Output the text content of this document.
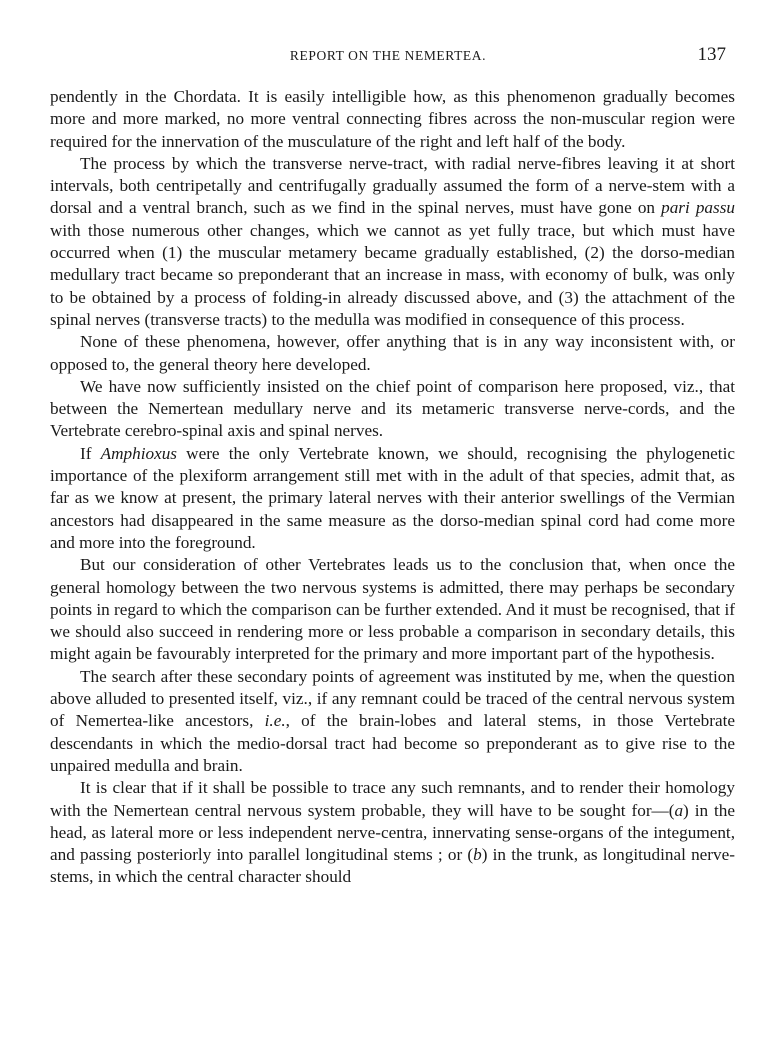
REPORT ON THE NEMERTEA.	137

pendently in the Chordata. It is easily intelligible how, as this phenomenon gradually becomes more and more marked, no more ventral connecting fibres across the non-muscular region were required for the innervation of the musculature of the right and left half of the body.

The process by which the transverse nerve-tract, with radial nerve-fibres leaving it at short intervals, both centripetally and centrifugally gradually assumed the form of a nerve-stem with a dorsal and a ventral branch, such as we find in the spinal nerves, must have gone on pari passu with those numerous other changes, which we cannot as yet fully trace, but which must have occurred when (1) the muscular metamery became gradually established, (2) the dorso-median medullary tract became so preponderant that an increase in mass, with economy of bulk, was only to be obtained by a process of folding-in already discussed above, and (3) the attachment of the spinal nerves (transverse tracts) to the medulla was modified in consequence of this process.

None of these phenomena, however, offer anything that is in any way inconsistent with, or opposed to, the general theory here developed.

We have now sufficiently insisted on the chief point of comparison here proposed, viz., that between the Nemertean medullary nerve and its metameric transverse nerve-cords, and the Vertebrate cerebro-spinal axis and spinal nerves.

If Amphioxus were the only Vertebrate known, we should, recognising the phylogenetic importance of the plexiform arrangement still met with in the adult of that species, admit that, as far as we know at present, the primary lateral nerves with their anterior swellings of the Vermian ancestors had disappeared in the same measure as the dorso-median spinal cord had come more and more into the foreground.

But our consideration of other Vertebrates leads us to the conclusion that, when once the general homology between the two nervous systems is admitted, there may perhaps be secondary points in regard to which the comparison can be further extended. And it must be recognised, that if we should also succeed in rendering more or less probable a comparison in secondary details, this might again be favourably interpreted for the primary and more important part of the hypothesis.

The search after these secondary points of agreement was instituted by me, when the question above alluded to presented itself, viz., if any remnant could be traced of the central nervous system of Nemertea-like ancestors, i.e., of the brain-lobes and lateral stems, in those Vertebrate descendants in which the medio-dorsal tract had become so preponderant as to give rise to the unpaired medulla and brain.

It is clear that if it shall be possible to trace any such remnants, and to render their homology with the Nemertean central nervous system probable, they will have to be sought for—(a) in the head, as lateral more or less independent nerve-centra, innervating sense-organs of the integument, and passing posteriorly into parallel longitudinal stems ; or (b) in the trunk, as longitudinal nerve-stems, in which the central character should
